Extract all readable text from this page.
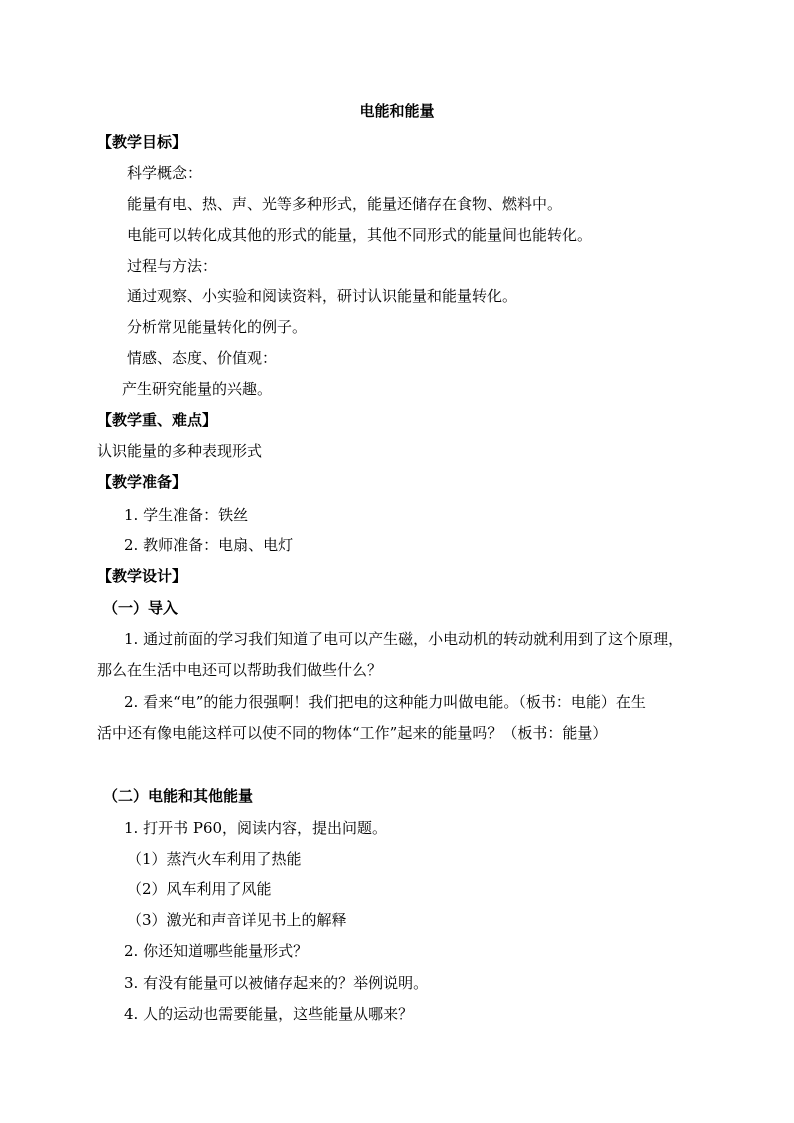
电能和能量
【教学目标】
科学概念：
能量有电、热、声、光等多种形式，能量还储存在食物、燃料中。
电能可以转化成其他的形式的能量，其他不同形式的能量间也能转化。
过程与方法：
通过观察、小实验和阅读资料，研讨认识能量和能量转化。
分析常见能量转化的例子。
情感、态度、价值观：
产生研究能量的兴趣。
【教学重、难点】
认识能量的多种表现形式
【教学准备】
1. 学生准备：铁丝
2. 教师准备：电扇、电灯
【教学设计】
（一）导入
1. 通过前面的学习我们知道了电可以产生磁，小电动机的转动就利用到了这个原理，
那么在生活中电还可以帮助我们做些什么？
2. 看来“电”的能力很强啊！我们把电的这种能力叫做电能。（板书：电能）在生
活中还有像电能这样可以使不同的物体“工作”起来的能量吗？（板书：能量）
（二）电能和其他能量
1. 打开书 P60，阅读内容，提出问题。
（1）蒸汽火车利用了热能
（2）风车利用了风能
（3）激光和声音详见书上的解释
2. 你还知道哪些能量形式？
3. 有没有能量可以被储存起来的？举例说明。
4. 人的运动也需要能量，这些能量从哪来？
